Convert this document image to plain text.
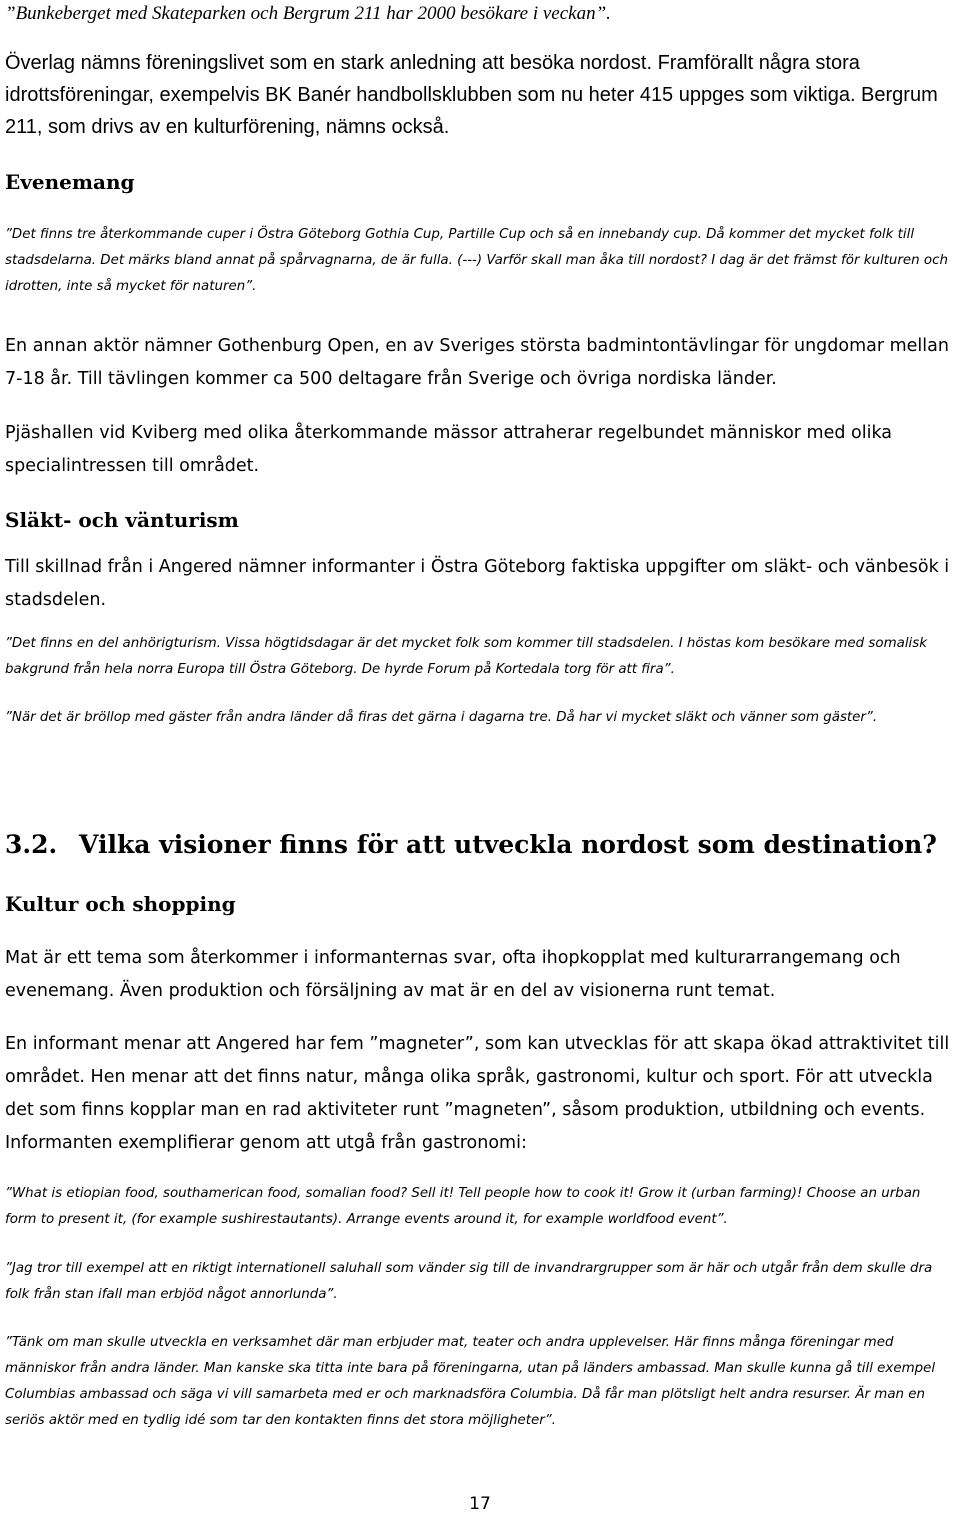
”Bunkeberget med Skateparken och Bergrum 211 har 2000 besökare i veckan”.

Överlag nämns föreningslivet som en stark anledning att besöka nordost. Framförallt några stora idrottsföreningar, exempelvis BK Banér handbollsklubben som nu heter 415 uppges som viktiga. Bergrum 211, som drivs av en kulturförening, nämns också.

Evenemang

”Det finns tre återkommande cuper i Östra Göteborg Gothia Cup, Partille Cup och så en innebandy cup. Då kommer det mycket folk till stadsdelarna. Det märks bland annat på spårvagnarna, de är fulla. (---) Varför skall man åka till nordost? I dag är det främst för kulturen och idrotten, inte så mycket för naturen”.

En annan aktör nämner Gothenburg Open, en av Sveriges största badmintontävlingar för ungdomar mellan 7-18 år. Till tävlingen kommer ca 500 deltagare från Sverige och övriga nordiska länder.

Pjäshallen vid Kviberg med olika återkommande mässor attraherar regelbundet människor med olika specialintressen till området.

Släkt- och vänturism

Till skillnad från i Angered nämner informanter i Östra Göteborg faktiska uppgifter om släkt- och vänbesök i stadsdelen.

”Det finns en del anhörigturism. Vissa högtidsdagar är det mycket folk som kommer till stadsdelen. I höstas kom besökare med somalisk bakgrund från hela norra Europa till Östra Göteborg. De hyrde Forum på Kortedala torg för att fira”.

”När det är bröllop med gäster från andra länder då firas det gärna i dagarna tre. Då har vi mycket släkt och vänner som gäster”.

3.2. Vilka visioner finns för att utveckla nordost som destination?
Kultur och shopping

Mat är ett tema som återkommer i informanternas svar, ofta ihopkopplat med kulturarrangemang och evenemang. Även produktion och försäljning av mat är en del av visionerna runt temat.

En informant menar att Angered har fem ”magneter”, som kan utvecklas för att skapa ökad attraktivitet till området. Hen menar att det finns natur, många olika språk, gastronomi, kultur och sport. För att utveckla det som finns kopplar man en rad aktiviteter runt ”magneten”, såsom produktion, utbildning och events. Informanten exemplifierar genom att utgå från gastronomi:

”What is etiopian food, southamerican food, somalian food? Sell it! Tell people how to cook it! Grow it (urban farming)! Choose an urban form to present it, (for example sushirestautants). Arrange events around it, for example worldfood event”.

”Jag tror till exempel att en riktigt internationell saluhall som vänder sig till de invandrargrupper som är här och utgår från dem skulle dra folk från stan ifall man erbjöd något annorlunda”.

”Tänk om man skulle utveckla en verksamhet där man erbjuder mat, teater och andra upplevelser. Här finns många föreningar med människor från andra länder. Man kanske ska titta inte bara på föreningarna, utan på länders ambassad. Man skulle kunna gå till exempel Columbias ambassad och säga vi vill samarbeta med er och marknadsföra Columbia. Då får man plötsligt helt andra resurser. Är man en seriös aktör med en tydlig idé som tar den kontakten finns det stora möjligheter”.

17
